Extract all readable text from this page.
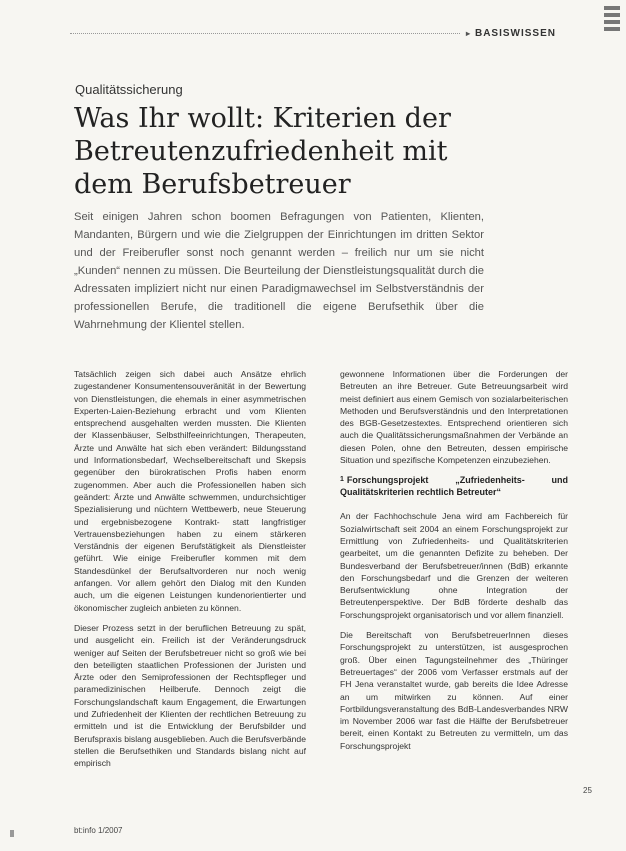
▸ BASISWISSEN
Qualitätssicherung
Was Ihr wollt: Kriterien der Betreutenzufriedenheit mit dem Berufsbetreuer

Seit einigen Jahren schon boomen Befragungen von Patienten, Klienten, Mandanten, Bürgern und wie die Zielgruppen der Einrichtungen im dritten Sektor und der Freiberufler sonst noch genannt werden – freilich nur um sie nicht „Kunden“ nennen zu müssen. Die Beurteilung der Dienstleistungsqualität durch die Adressaten impliziert nicht nur einen Paradigmawechsel im Selbstverständnis der professionellen Berufe, die traditionell die eigene Berufsethik über die Wahrnehmung der Klientel stellen.

Tatsächlich zeigen sich dabei auch Ansätze ehrlich zugestandener Konsumentensouveränität in der Bewertung von Dienstleistungen, die ehemals in einer asymmetrischen Experten-Laien-Beziehung erbracht und vom Klienten entsprechend ausgehalten werden mussten. Die Klienten der Klassenbäuser, Selbsthilfeeinrichtungen, Therapeuten, Ärzte und Anwälte hat sich eben verändert: Bildungsstand und Informationsbedarf, Wechselbereitschaft und Skepsis gegenüber den bürokratischen Profis haben enorm zugenommen. Aber auch die Professionellen haben sich geändert: Ärzte und Anwälte schwemmen, undurchsichtiger Spezialisierung und nüchtern Wettbewerb, neue Steuerung und ergebnisbezogene Kontrakt- statt langfristiger Vertrauensbeziehungen haben zu einem stärkeren Verständnis der eigenen Berufstätigkeit als Dienstleister geführt. Wie einige Freiberufler kommen mit dem Standesdünkel der Berufsaltvorderen nur noch wenig anfangen. Vor allem gehört den Dialog mit den Kunden auch, um die eigenen Leistungen kundenorientierter und ökonomischer zugleich anbieten zu können.

Dieser Prozess setzt in der beruflichen Betreuung zu spät, und ausgelicht ein. Freilich ist der Veränderungsdruck weniger auf Seiten der Berufsbetreuer nicht so groß wie bei den beteiligten staatlichen Professionen der Juristen und Ärzte oder den Semiprofessionen der Rechtspfleger und paramedizinischen Heilberufe. Dennoch zeigt die Forschungslandschaft kaum Engagement, die Erwartungen und Zufriedenheit der Klienten der rechtlichen Betreuung zu ermitteln und ist die Entwicklung der Berufsbilder und Berufspraxis bislang ausgeblieben. Auch die Berufsverbände stellen die Berufsethiken und Standards bislang nicht auf empirisch

gewonnene Informationen über die Forderungen der Betreuten an ihre Betreuer. Gute Betreuungsarbeit wird meist definiert aus einem Gemisch von sozialarbeiterischen Methoden und Berufsverständnis und den Interpretationen des BGB-Gesetzestextes. Entsprechend orientieren sich auch die Qualitätssicherungsmaßnahmen der Verbände an diesen Polen, ohne den Betreuten, dessen empirische Situation und spezifische Kompetenzen einzubeziehen.

$^1$ Forschungsprojekt „Zufriedenheits- und Qualitätskriterien rechtlich Betreuter“

An der Fachhochschule Jena wird am Fachbereich für Sozialwirtschaft seit 2004 an einem Forschungsprojekt zur Ermittlung von Zufriedenheits- und Qualitätskriterien gearbeitet, um die genannten Defizite zu beheben. Der Bundesverband der Berufsbetreuer/innen (BdB) erkannte den Forschungsbedarf und die Grenzen der weiteren Berufsentwicklung ohne Integration der Betreutenperspektive. Der BdB förderte deshalb das Forschungsprojekt organisatorisch und vor allem finanziell.

Die Bereitschaft von BerufsbetreuerInnen dieses Forschungsprojekt zu unterstützen, ist ausgesprochen groß. Über einen Tagungsteilnehmer des „Thüringer Betreuertages“ der 2006 vom Verfasser erstmals auf der FH Jena veranstaltet wurde, gab bereits die Idee Adresse an um mitwirken zu können. Auf einer Fortbildungsveranstaltung des BdB-Landesverbandes NRW im November 2006 war fast die Hälfte der Berufsbetreuer bereit, einen Kontakt zu Betreuten zu vermitteln, um das Forschungsprojekt

25
bt:info 1/2007
